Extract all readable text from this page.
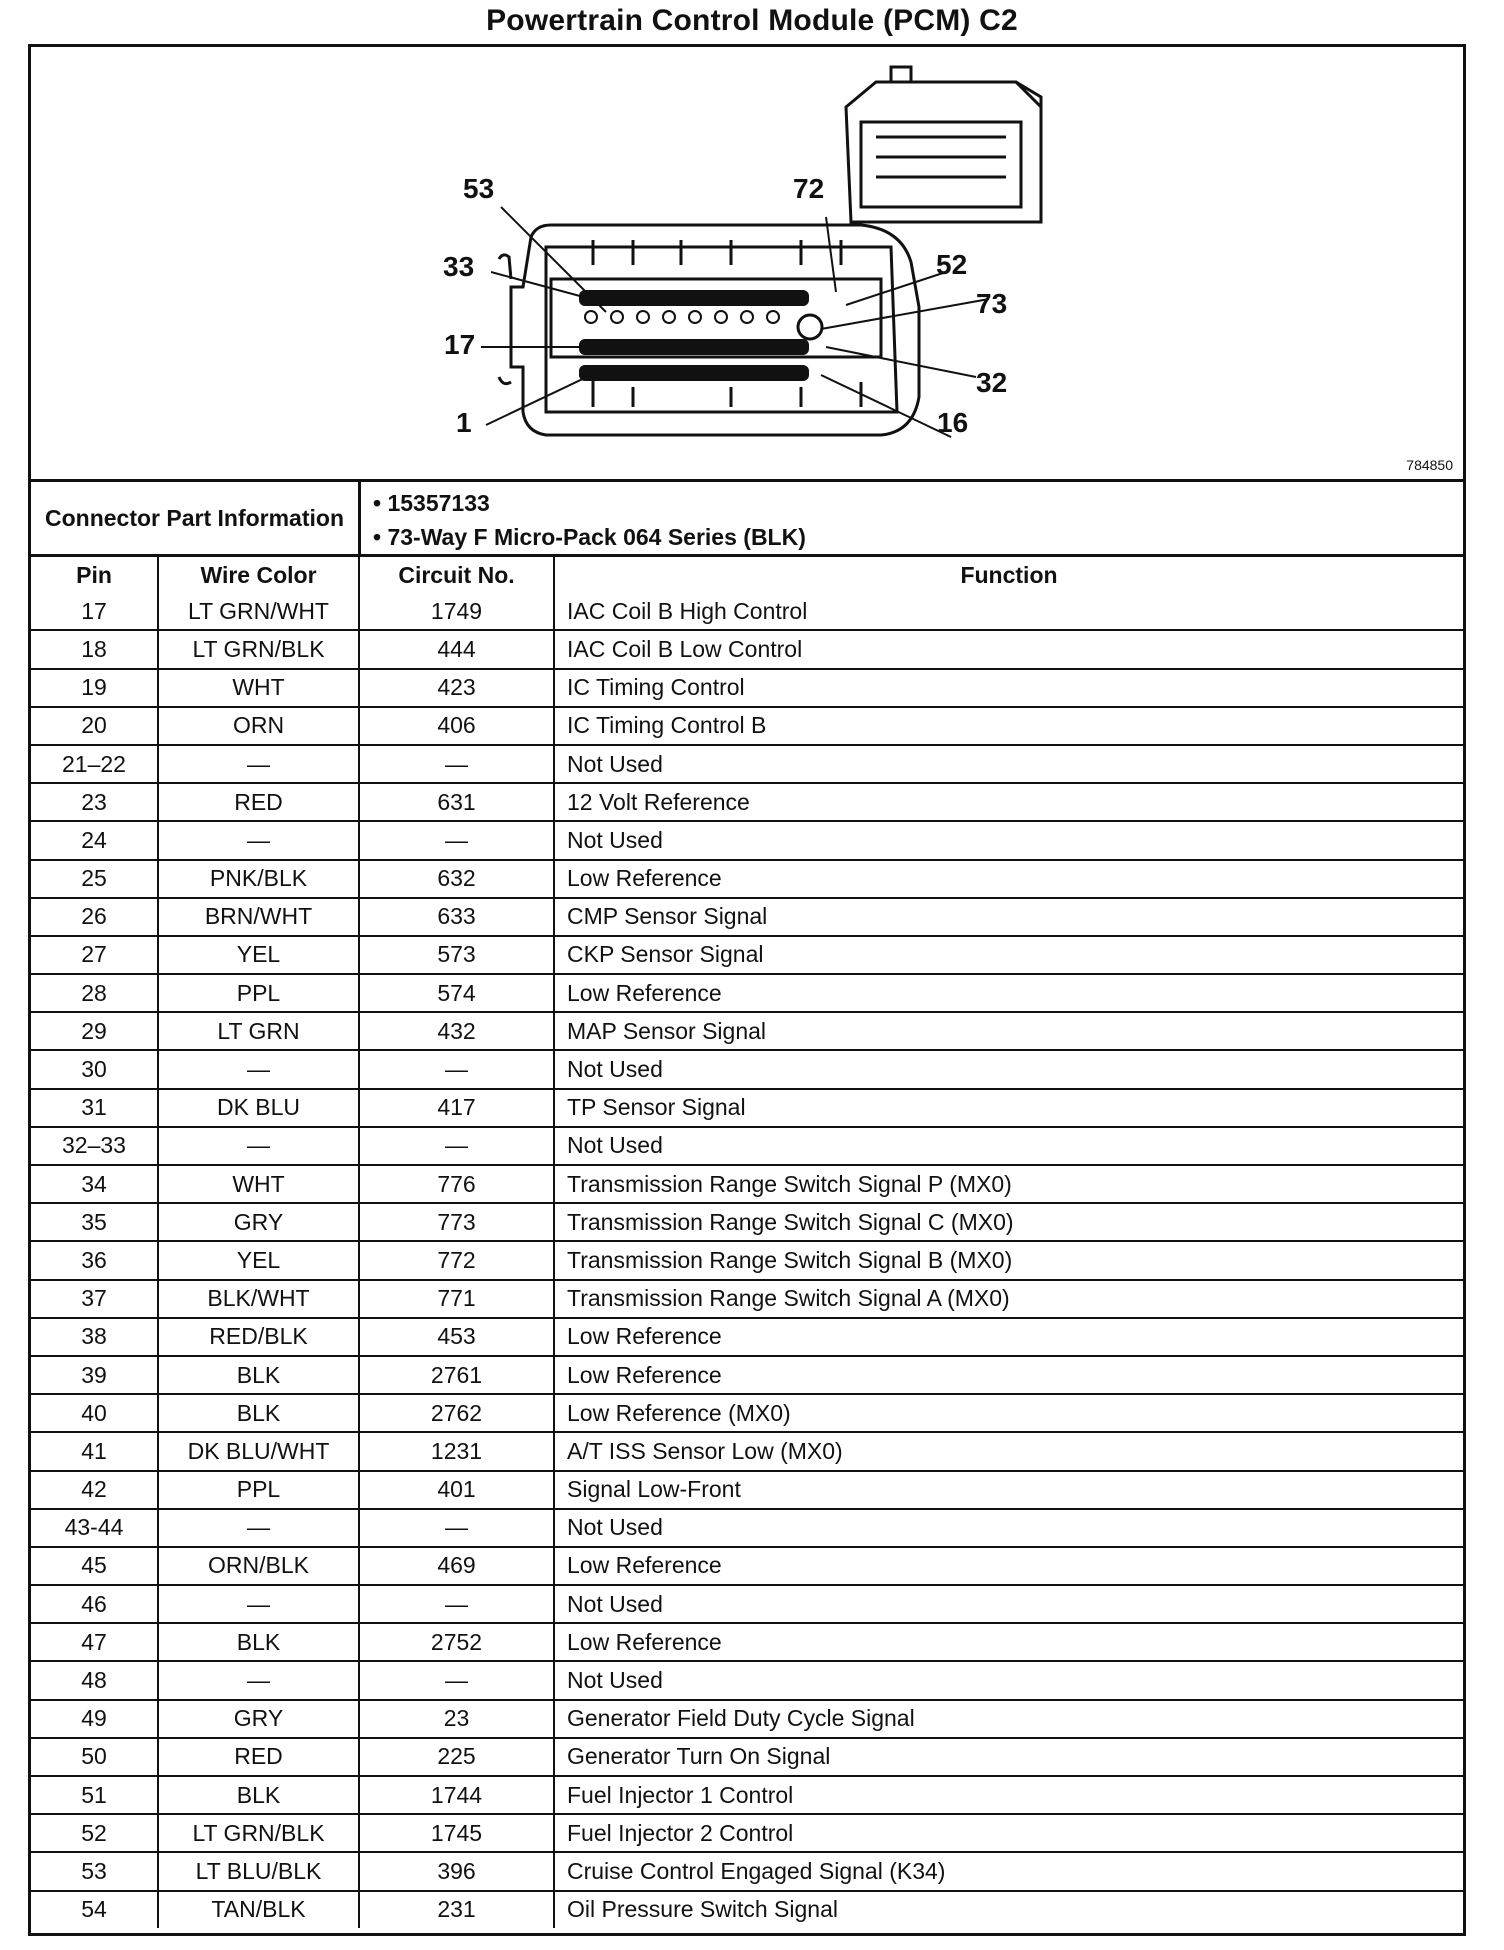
Powertrain Control Module (PCM) C2
53	72
33	52
73
17
32
1	16
784850
Connector Part Information
• 15357133
• 73-Way F Micro-Pack 064 Series (BLK)
Pin	Wire Color	Circuit No.	Function
17	LT GRN/WHT	1749	IAC Coil B High Control
18	LT GRN/BLK	444	IAC Coil B Low Control
19	WHT	423	IC Timing Control
20	ORN	406	IC Timing Control B
21–22	—	—	Not Used
23	RED	631	12 Volt Reference
24	—	—	Not Used
25	PNK/BLK	632	Low Reference
26	BRN/WHT	633	CMP Sensor Signal
27	YEL	573	CKP Sensor Signal
28	PPL	574	Low Reference
29	LT GRN	432	MAP Sensor Signal
30	—	—	Not Used
31	DK BLU	417	TP Sensor Signal
32–33	—	—	Not Used
34	WHT	776	Transmission Range Switch Signal P (MX0)
35	GRY	773	Transmission Range Switch Signal C (MX0)
36	YEL	772	Transmission Range Switch Signal B (MX0)
37	BLK/WHT	771	Transmission Range Switch Signal A (MX0)
38	RED/BLK	453	Low Reference
39	BLK	2761	Low Reference
40	BLK	2762	Low Reference (MX0)
41	DK BLU/WHT	1231	A/T ISS Sensor Low (MX0)
42	PPL	401	Signal Low-Front
43-44	—	—	Not Used
45	ORN/BLK	469	Low Reference
46	—	—	Not Used
47	BLK	2752	Low Reference
48	—	—	Not Used
49	GRY	23	Generator Field Duty Cycle Signal
50	RED	225	Generator Turn On Signal
51	BLK	1744	Fuel Injector 1 Control
52	LT GRN/BLK	1745	Fuel Injector 2 Control
53	LT BLU/BLK	396	Cruise Control Engaged Signal (K34)
54	TAN/BLK	231	Oil Pressure Switch Signal
